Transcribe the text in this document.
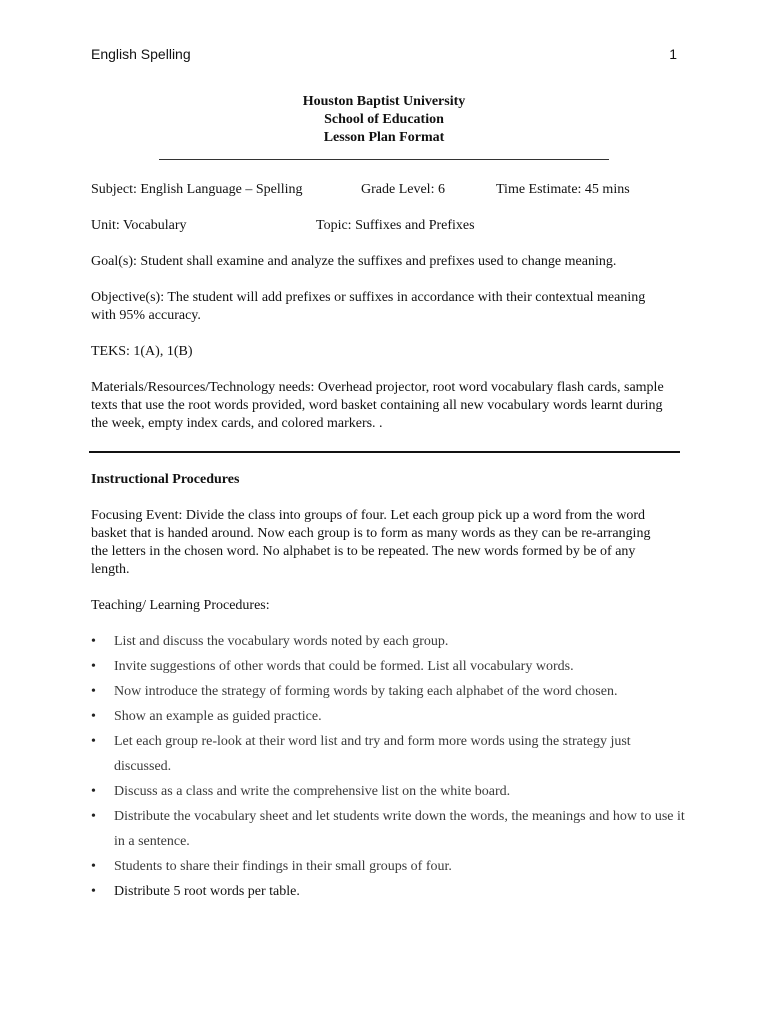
English Spelling	1
Houston Baptist University
School of Education
Lesson Plan Format
Subject: English Language – Spelling	Grade Level: 6	Time Estimate: 45 mins
Unit: Vocabulary	Topic: Suffixes and Prefixes

Goal(s): Student shall examine and analyze the suffixes and prefixes used to change meaning.

Objective(s): The student will add prefixes or suffixes in accordance with their contextual meaning with 95% accuracy.

TEKS: 1(A), 1(B)

Materials/Resources/Technology needs: Overhead projector, root word vocabulary flash cards, sample texts that use the root words provided, word basket containing all new vocabulary words learnt during the week, empty index cards, and colored markers. .

Instructional Procedures

Focusing Event: Divide the class into groups of four. Let each group pick up a word from the word basket that is handed around. Now each group is to form as many words as they can be re-arranging the letters in the chosen word. No alphabet is to be repeated. The new words formed by be of any length.

Teaching/ Learning Procedures:

• List and discuss the vocabulary words noted by each group.
• Invite suggestions of other words that could be formed. List all vocabulary words.
• Now introduce the strategy of forming words by taking each alphabet of the word chosen.
• Show an example as guided practice.
• Let each group re-look at their word list and try and form more words using the strategy just discussed.
• Discuss as a class and write the comprehensive list on the white board.
• Distribute the vocabulary sheet and let students write down the words, the meanings and how to use it in a sentence.
• Students to share their findings in their small groups of four.
• Distribute 5 root words per table.
